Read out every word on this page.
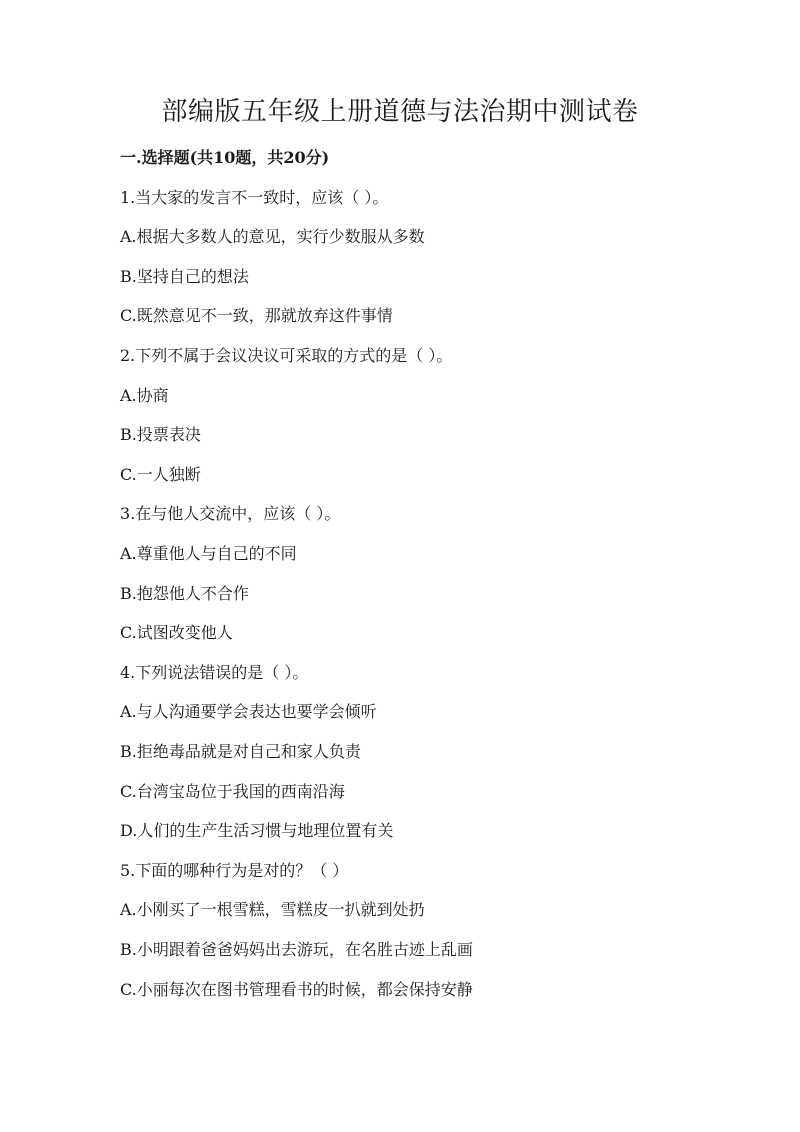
部编版五年级上册道德与法治期中测试卷

一.选择题(共10题，共20分)

1.当大家的发言不一致时，应该（ ）。

A.根据大多数人的意见，实行少数服从多数

B.坚持自己的想法

C.既然意见不一致，那就放弃这件事情

2.下列不属于会议决议可采取的方式的是（ ）。

A.协商

B.投票表决

C.一人独断

3.在与他人交流中，应该（ ）。

A.尊重他人与自己的不同

B.抱怨他人不合作

C.试图改变他人

4.下列说法错误的是（ ）。

A.与人沟通要学会表达也要学会倾听

B.拒绝毒品就是对自己和家人负责

C.台湾宝岛位于我国的西南沿海

D.人们的生产生活习惯与地理位置有关

5.下面的哪种行为是对的？（ ）

A.小刚买了一根雪糕，雪糕皮一扒就到处扔

B.小明跟着爸爸妈妈出去游玩，在名胜古迹上乱画

C.小丽每次在图书管理看书的时候，都会保持安静
